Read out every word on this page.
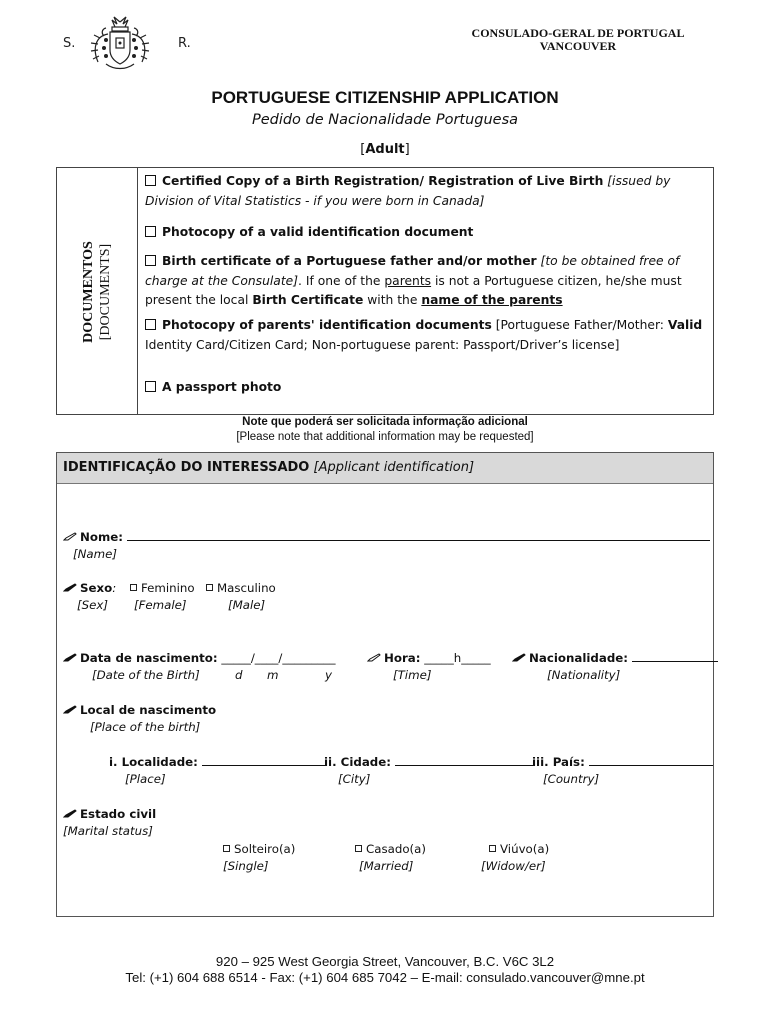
S.	R.
CONSULADO-GERAL DE PORTUGAL
VANCOUVER
PORTUGUESE CITIZENSHIP APPLICATION
Pedido de Nacionalidade Portuguesa
[Adult]
DOCUMENTOS [DOCUMENTS]
Certified Copy of a Birth Registration/ Registration of Live Birth [issued by Division of Vital Statistics - if you were born in Canada]
Photocopy of a valid identification document
Birth certificate of a Portuguese father and/or mother [to be obtained free of charge at the Consulate]. If one of the parents is not a Portuguese citizen, he/she must present the local Birth Certificate with the name of the parents
Photocopy of parents' identification documents [Portuguese Father/Mother: Valid Identity Card/Citizen Card; Non-portuguese parent: Passport/Driver’s license]
A passport photo
Note que poderá ser solicitada informação adicional
[Please note that additional information may be requested]
IDENTIFICAÇÃO DO INTERESSADO [Applicant identification]
Nome:
[Name]
Sexo:	Feminino	Masculino
[Sex] [Female]	[Male]
Data de nascimento: _____/____/_________
[Date of the Birth]	d m	y
Hora: _____h_____
[Time]
Nacionalidade:
[Nationality]
Local de nascimento
[Place of the birth]
i. Localidade:
[Place]
ii. Cidade:
[City]
iii. País:
[Country]
Estado civil
[Marital status]
Solteiro(a)
[Single]
Casado(a)
[Married]
Viúvo(a)
[Widow/er]
920 – 925 West Georgia Street, Vancouver, B.C. V6C 3L2
Tel: (+1) 604 688 6514 - Fax: (+1) 604 685 7042 – E-mail: consulado.vancouver@mne.pt
